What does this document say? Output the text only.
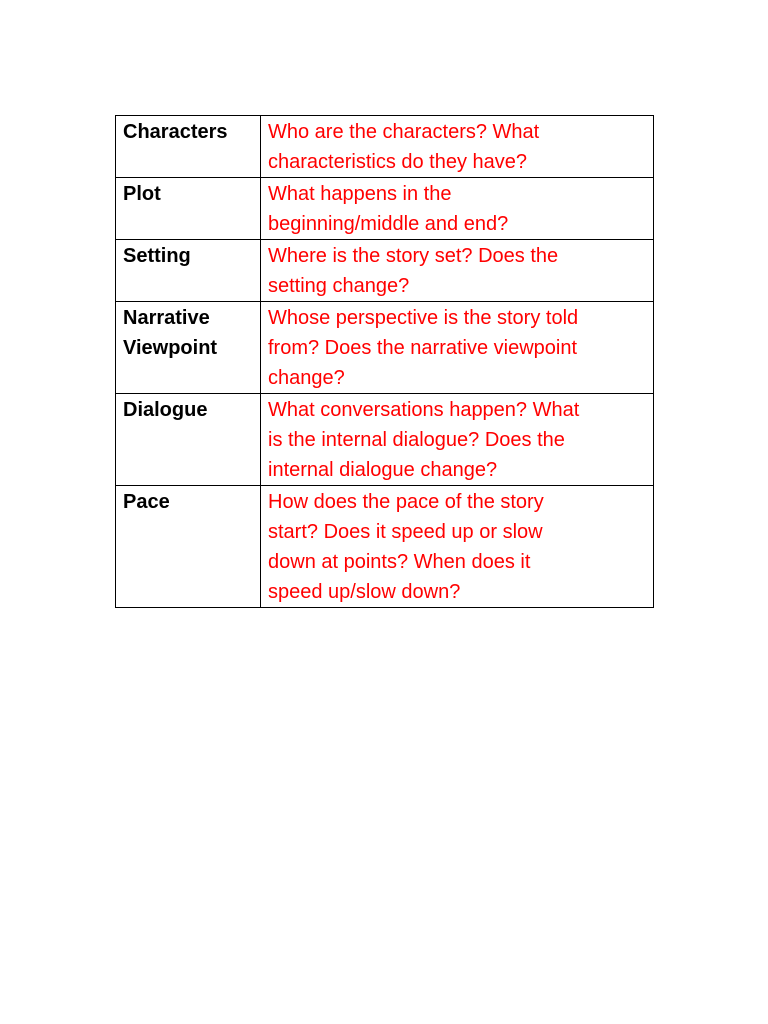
Characters	Who are the characters? What
characteristics do they have?

Plot	What happens in the
beginning/middle and end?

Setting	Where is the story set? Does the
setting change?

Narrative
Viewpoint	Whose perspective is the story told
from? Does the narrative viewpoint
change?

Dialogue	What conversations happen? What
is the internal dialogue? Does the
internal dialogue change?

Pace	How does the pace of the story
start? Does it speed up or slow
down at points? When does it
speed up/slow down?
